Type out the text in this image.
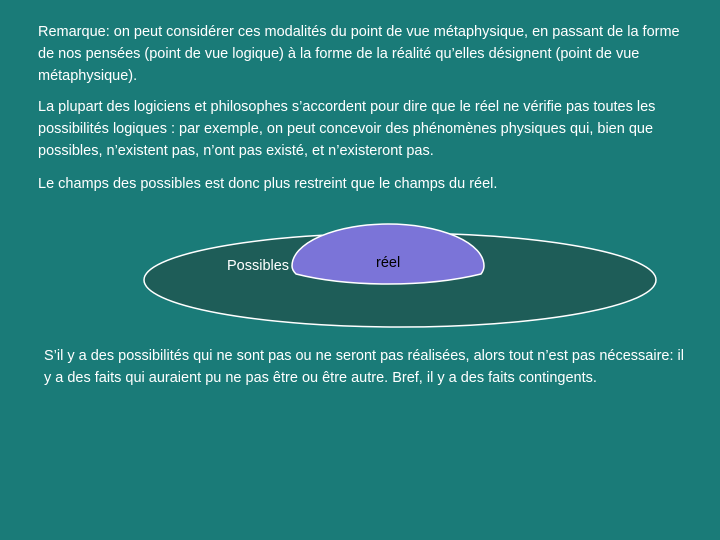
Remarque: on peut considérer ces modalités du point de vue métaphysique, en passant de la forme de nos pensées (point de vue logique) à la forme de la réalité qu’elles désignent (point de vue métaphysique).

La plupart des logiciens et philosophes s’accordent pour dire que le réel ne vérifie pas toutes les possibilités logiques : par exemple, on peut concevoir des phénomènes physiques qui, bien que possibles, n’existent pas, n’ont pas existé, et n’existeront pas.

Le champs des possibles est donc plus restreint que le champs du réel.

Possibles	réel

S’il y a des possibilités qui ne sont pas ou ne seront pas réalisées, alors tout n’est pas nécessaire: il y a des faits qui auraient pu ne pas être ou être autre. Bref, il y a des faits contingents.
